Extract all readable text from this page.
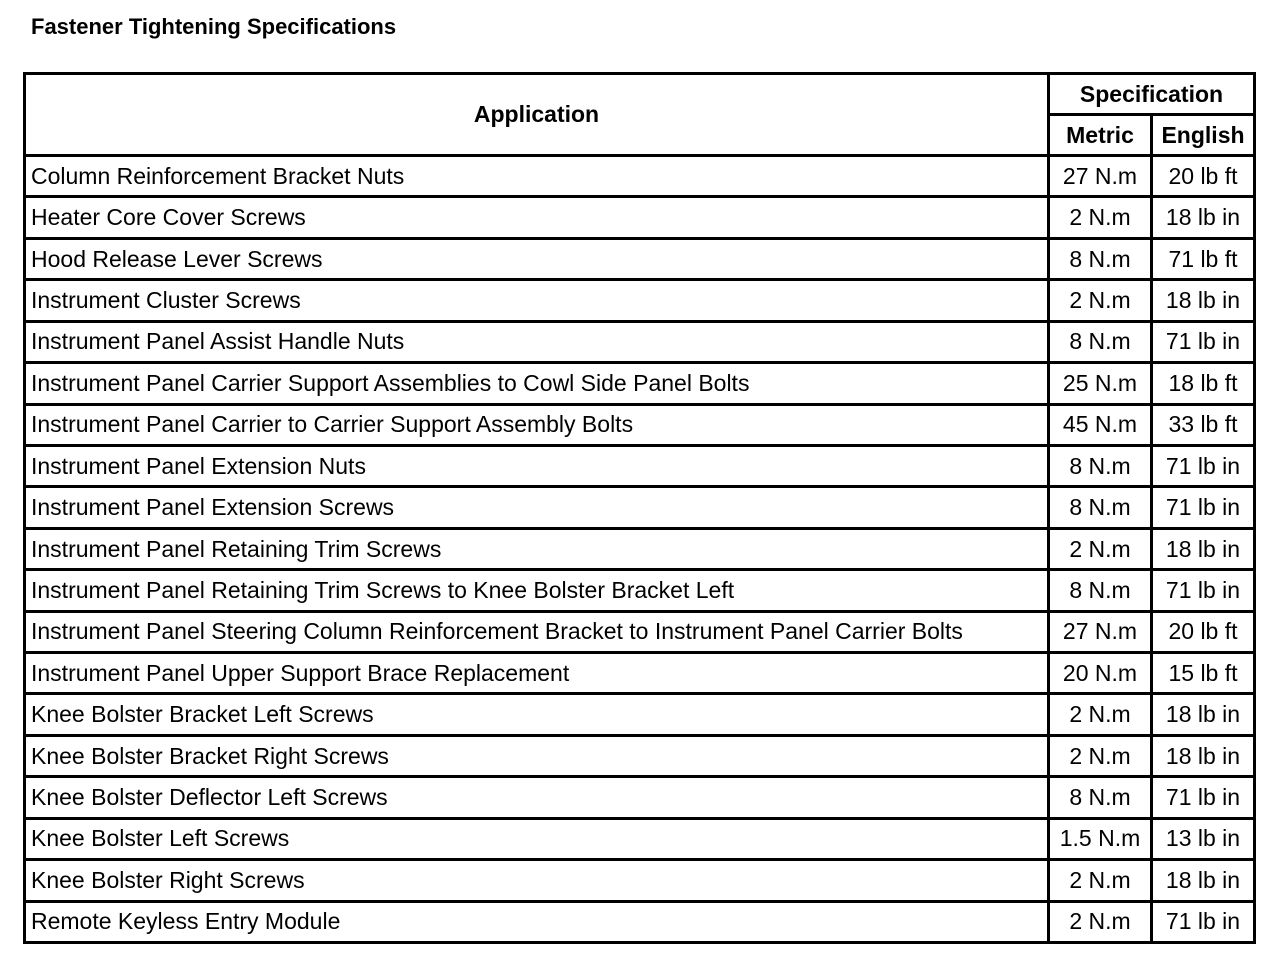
Fastener Tightening Specifications
Application	Specification	
	Metric	English
Column Reinforcement Bracket Nuts	27 N.m	20 lb ft
Heater Core Cover Screws	2 N.m	18 lb in
Hood Release Lever Screws	8 N.m	71 lb ft
Instrument Cluster Screws	2 N.m	18 lb in
Instrument Panel Assist Handle Nuts	8 N.m	71 lb in
Instrument Panel Carrier Support Assemblies to Cowl Side Panel Bolts	25 N.m	18 lb ft
Instrument Panel Carrier to Carrier Support Assembly Bolts	45 N.m	33 lb ft
Instrument Panel Extension Nuts	8 N.m	71 lb in
Instrument Panel Extension Screws	8 N.m	71 lb in
Instrument Panel Retaining Trim Screws	2 N.m	18 lb in
Instrument Panel Retaining Trim Screws to Knee Bolster Bracket Left	8 N.m	71 lb in
Instrument Panel Steering Column Reinforcement Bracket to Instrument Panel Carrier Bolts	27 N.m	20 lb ft
Instrument Panel Upper Support Brace Replacement	20 N.m	15 lb ft
Knee Bolster Bracket Left Screws	2 N.m	18 lb in
Knee Bolster Bracket Right Screws	2 N.m	18 lb in
Knee Bolster Deflector Left Screws	8 N.m	71 lb in
Knee Bolster Left Screws	1.5 N.m	13 lb in
Knee Bolster Right Screws	2 N.m	18 lb in
Remote Keyless Entry Module	2 N.m	71 lb in
